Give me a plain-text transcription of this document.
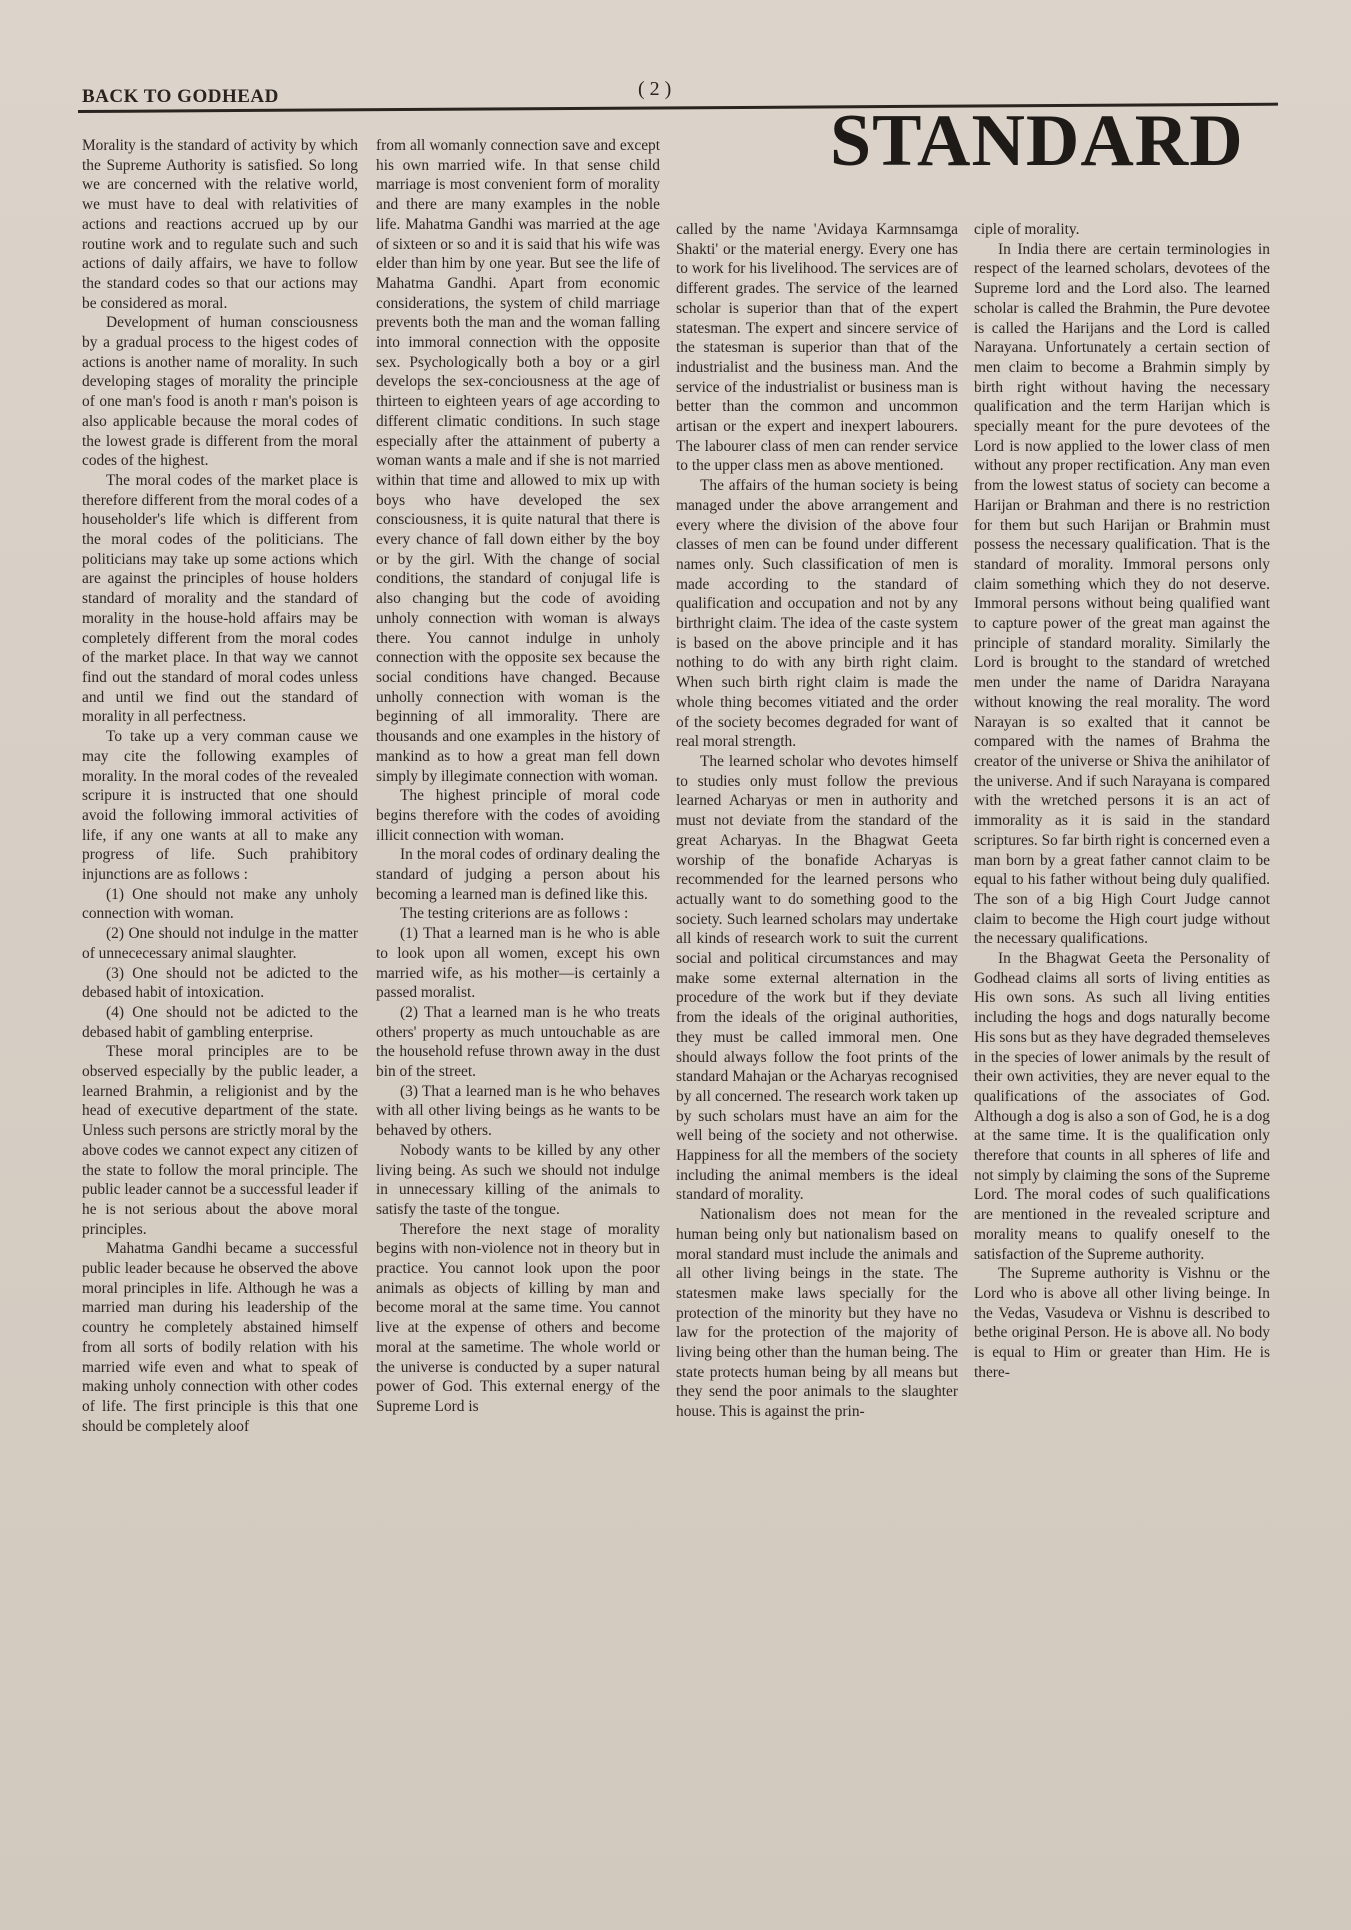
BACK TO GODHEAD	( 2 )
STANDARD

Morality is the standard of activity by which the Supreme Authority is satisfied. So long we are concerned with the relative world, we must have to deal with relativities of actions and reactions accrued up by our routine work and to regulate such and such actions of daily affairs, we have to follow the standard codes so that our actions may be considered as moral.

Development of human consciousness by a gradual process to the higest codes of actions is another name of morality. In such developing stages of morality the principle of one man's food is anoth r man's poison is also applicable because the moral codes of the lowest grade is different from the moral codes of the highest.

The moral codes of the market place is therefore different from the moral codes of a householder's life which is different from the moral codes of the politicians. The politicians may take up some actions which are against the principles of house holders standard of morality and the standard of morality in the house-hold affairs may be completely different from the moral codes of the market place. In that way we cannot find out the standard of moral codes unless and until we find out the standard of morality in all perfectness.

To take up a very comman cause we may cite the following examples of morality. In the moral codes of the revealed scripure it is instructed that one should avoid the following immoral activities of life, if any one wants at all to make any progress of life. Such prahibitory injunctions are as follows :

(1) One should not make any unholy connection with woman.

(2) One should not indulge in the matter of unnececessary animal slaughter.

(3) One should not be adicted to the debased habit of intoxication.

(4) One should not be adicted to the debased habit of gambling enterprise.

These moral principles are to be observed especially by the public leader, a learned Brahmin, a religionist and by the head of executive department of the state. Unless such persons are strictly moral by the above codes we cannot expect any citizen of the state to follow the moral principle. The public leader cannot be a successful leader if he is not serious about the above moral principles.

Mahatma Gandhi became a successful public leader because he observed the above moral principles in life. Although he was a married man during his leadership of the country he completely abstained himself from all sorts of bodily relation with his married wife even and what to speak of making unholy connection with other codes of life. The first principle is this that one should be completely aloof

from all womanly connection save and except his own married wife. In that sense child marriage is most convenient form of morality and there are many examples in the noble life. Mahatma Gandhi was married at the age of sixteen or so and it is said that his wife was elder than him by one year. But see the life of Mahatma Gandhi. Apart from economic considerations, the system of child marriage prevents both the man and the woman falling into immoral connection with the opposite sex. Psychologically both a boy or a girl develops the sex-conciousness at the age of thirteen to eighteen years of age according to different climatic conditions. In such stage especially after the attainment of puberty a woman wants a male and if she is not married within that time and allowed to mix up with boys who have developed the sex consciousness, it is quite natural that there is every chance of fall down either by the boy or by the girl. With the change of social conditions, the standard of conjugal life is also changing but the code of avoiding unholy connection with woman is always there. You cannot indulge in unholy connection with the opposite sex because the social conditions have changed. Because unholly connection with woman is the beginning of all immorality. There are thousands and one examples in the history of mankind as to how a great man fell down simply by illegimate connection with woman.

The highest principle of moral code begins therefore with the codes of avoiding illicit connection with woman.

In the moral codes of ordinary dealing the standard of judging a person about his becoming a learned man is defined like this.

The testing criterions are as follows :

(1) That a learned man is he who is able to look upon all women, except his own married wife, as his mother—is certainly a passed moralist.

(2) That a learned man is he who treats others' property as much untouchable as are the household refuse thrown away in the dust bin of the street.

(3) That a learned man is he who behaves with all other living beings as he wants to be behaved by others.

Nobody wants to be killed by any other living being. As such we should not indulge in unnecessary killing of the animals to satisfy the taste of the tongue.

Therefore the next stage of morality begins with non-violence not in theory but in practice. You cannot look upon the poor animals as objects of killing by man and become moral at the same time. You cannot live at the expense of others and become moral at the sametime. The whole world or the universe is conducted by a super natural power of God. This external energy of the Supreme Lord is

called by the name 'Avidaya Karmnsamga Shakti' or the material energy. Every one has to work for his livelihood. The services are of different grades. The service of the learned scholar is superior than that of the expert statesman. The expert and sincere service of the statesman is superior than that of the industrialist and the business man. And the service of the industrialist or business man is better than the common and uncommon artisan or the expert and inexpert labourers. The labourer class of men can render service to the upper class men as above mentioned.

The affairs of the human society is being managed under the above arrangement and every where the division of the above four classes of men can be found under different names only. Such classification of men is made according to the standard of qualification and occupation and not by any birthright claim. The idea of the caste system is based on the above principle and it has nothing to do with any birth right claim. When such birth right claim is made the whole thing becomes vitiated and the order of the society becomes degraded for want of real moral strength.

The learned scholar who devotes himself to studies only must follow the previous learned Acharyas or men in authority and must not deviate from the standard of the great Acharyas. In the Bhagwat Geeta worship of the bonafide Acharyas is recommended for the learned persons who actually want to do something good to the society. Such learned scholars may undertake all kinds of research work to suit the current social and political circumstances and may make some external alternation in the procedure of the work but if they deviate from the ideals of the original authorities, they must be called immoral men. One should always follow the foot prints of the standard Mahajan or the Acharyas recognised by all concerned. The research work taken up by such scholars must have an aim for the well being of the society and not otherwise. Happiness for all the members of the society including the animal members is the ideal standard of morality.

Nationalism does not mean for the human being only but nationalism based on moral standard must include the animals and all other living beings in the state. The statesmen make laws specially for the protection of the minority but they have no law for the protection of the majority of living being other than the human being. The state protects human being by all means but they send the poor animals to the slaughter house. This is against the prin-

ciple of morality.

In India there are certain terminologies in respect of the learned scholars, devotees of the Supreme lord and the Lord also. The learned scholar is called the Brahmin, the Pure devotee is called the Harijans and the Lord is called Narayana. Unfortunately a certain section of men claim to become a Brahmin simply by birth right without having the necessary qualification and the term Harijan which is specially meant for the pure devotees of the Lord is now applied to the lower class of men without any proper rectification. Any man even from the lowest status of society can become a Harijan or Brahman and there is no restriction for them but such Harijan or Brahmin must possess the necessary qualification. That is the standard of morality. Immoral persons only claim something which they do not deserve. Immoral persons without being qualified want to capture power of the great man against the principle of standard morality. Similarly the Lord is brought to the standard of wretched men under the name of Daridra Narayana without knowing the real morality. The word Narayan is so exalted that it cannot be compared with the names of Brahma the creator of the universe or Shiva the anihilator of the universe. And if such Narayana is compared with the wretched persons it is an act of immorality as it is said in the standard scriptures. So far birth right is concerned even a man born by a great father cannot claim to be equal to his father without being duly qualified. The son of a big High Court Judge cannot claim to become the High court judge without the necessary qualifications.

In the Bhagwat Geeta the Personality of Godhead claims all sorts of living entities as His own sons. As such all living entities including the hogs and dogs naturally become His sons but as they have degraded themseleves in the species of lower animals by the result of their own activities, they are never equal to the qualifications of the associates of God. Although a dog is also a son of God, he is a dog at the same time. It is the qualification only therefore that counts in all spheres of life and not simply by claiming the sons of the Supreme Lord. The moral codes of such qualifications are mentioned in the revealed scripture and morality means to qualify oneself to the satisfaction of the Supreme authority.

The Supreme authority is Vishnu or the Lord who is above all other living beinge. In the Vedas, Vasudeva or Vishnu is described to bethe original Person. He is above all. No body is equal to Him or greater than Him. He is there-
